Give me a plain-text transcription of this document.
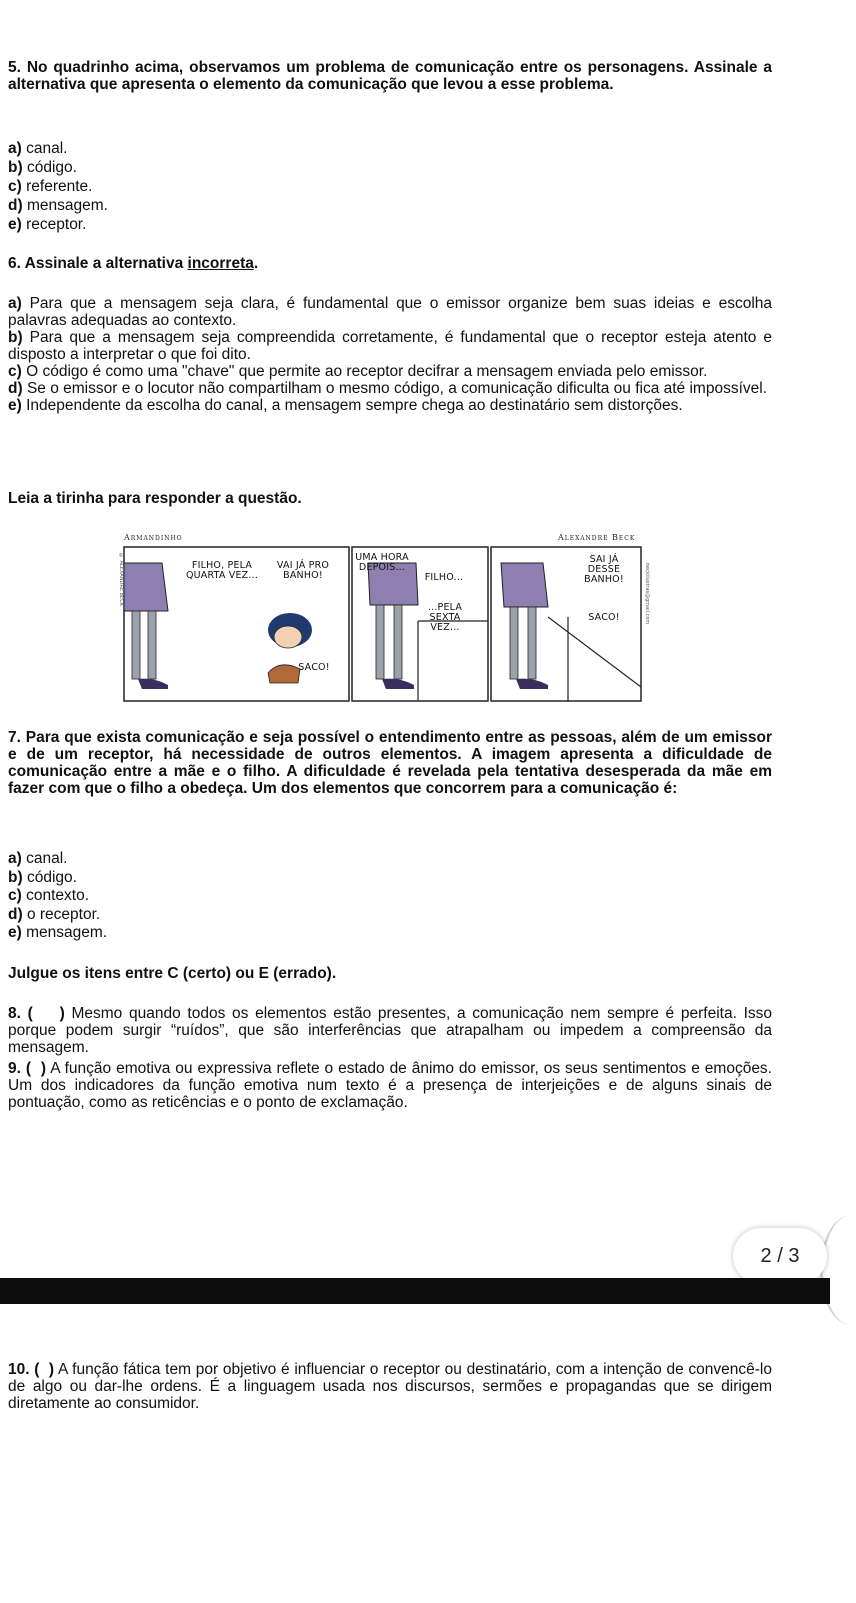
5. No quadrinho acima, observamos um problema de comunicação entre os personagens. Assinale a alternativa que apresenta o elemento da comunicação que levou a esse problema.

a) canal.
b) código.
c) referente.
d) mensagem.
e) receptor.
6. Assinale a alternativa incorreta.

a) Para que a mensagem seja clara, é fundamental que o emissor organize bem suas ideias e escolha palavras adequadas ao contexto.

b) Para que a mensagem seja compreendida corretamente, é fundamental que o receptor esteja atento e disposto a interpretar o que foi dito.

c) O código é como uma "chave" que permite ao receptor decifrar a mensagem enviada pelo emissor.

d) Se o emissor e o locutor não compartilham o mesmo código, a comunicação dificulta ou fica até impossível.

e) Independente da escolha do canal, a mensagem sempre chega ao destinatário sem distorções.

Leia a tirinha para responder a questão.
Armandinho	Alexandre Beck
© ALEXANDRE BECK	beckilustras@gmail.com
FILHO, PELA QUARTA VEZ...
VAI JÁ PRO BANHO!
SACO!
UMA HORA DEPOIS...
FILHO...
...PELA SEXTA VEZ...
SAI JÁ DESSE BANHO!
SACO!
7. Para que exista comunicação e seja possível o entendimento entre as pessoas, além de um emissor e de um receptor, há necessidade de outros elementos. A imagem apresenta a dificuldade de comunicação entre a mãe e o filho. A dificuldade é revelada pela tentativa desesperada da mãe em fazer com que o filho a obedeça. Um dos elementos que concorrem para a comunicação é:
a) canal.
b) código.
c) contexto.
d) o receptor.
e) mensagem.
Julgue os itens entre C (certo) ou E (errado).

8. ( ) Mesmo quando todos os elementos estão presentes, a comunicação nem sempre é perfeita. Isso porque podem surgir “ruídos”, que são interferências que atrapalham ou impedem a compreensão da mensagem.

9. ( ) A função emotiva ou expressiva reflete o estado de ânimo do emissor, os seus sentimentos e emoções. Um dos indicadores da função emotiva num texto é a presença de interjeições e de alguns sinais de pontuação, como as reticências e o ponto de exclamação.

2 / 3

10. ( ) A função fática tem por objetivo é influenciar o receptor ou destinatário, com a intenção de convencê-lo de algo ou dar-lhe ordens. É a linguagem usada nos discursos, sermões e propagandas que se dirigem diretamente ao consumidor.
